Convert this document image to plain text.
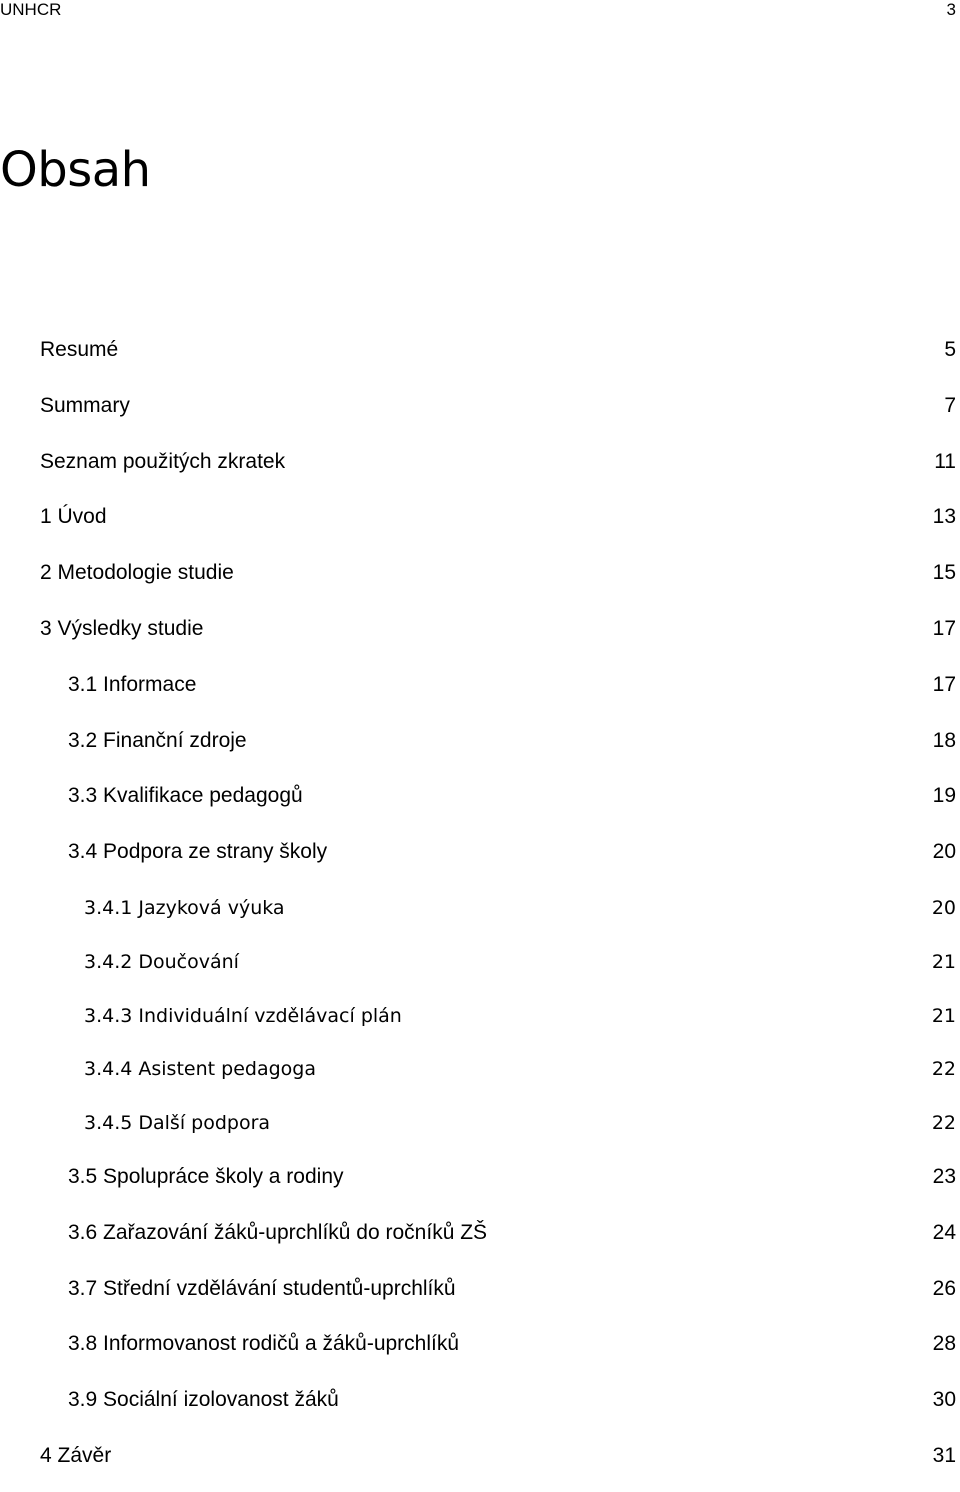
UNHCR	3
Obsah
Resumé	5
Summary	7
Seznam použitých zkratek	11
1 Úvod	13
2 Metodologie studie	15
3 Výsledky studie	17
3.1 Informace	17
3.2 Finanční zdroje	18
3.3 Kvalifikace pedagogů	19
3.4 Podpora ze strany školy	20
3.4.1 Jazyková výuka	20
3.4.2 Doučování	21
3.4.3 Individuální vzdělávací plán	21
3.4.4 Asistent pedagoga	22
3.4.5 Další podpora	22
3.5 Spolupráce školy a rodiny	23
3.6 Zařazování žáků-uprchlíků do ročníků ZŠ	24
3.7 Střední vzdělávání studentů-uprchlíků	26
3.8 Informovanost rodičů a žáků-uprchlíků	28
3.9 Sociální izolovanost žáků	30
4 Závěr	31
